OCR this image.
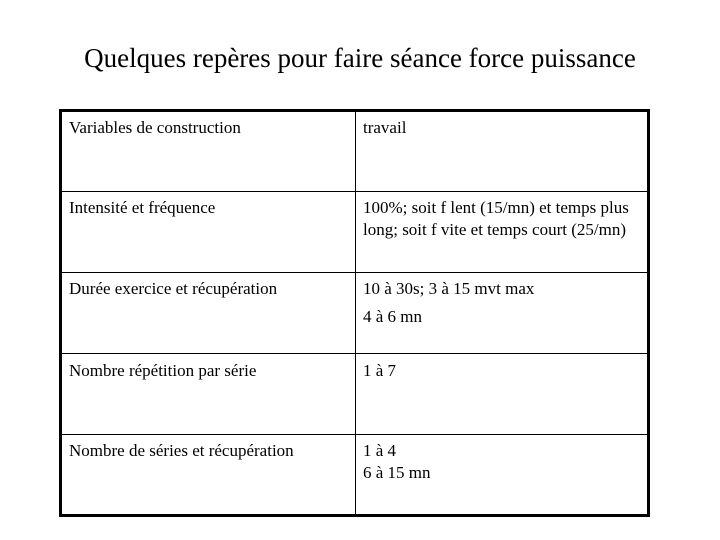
Quelques repères pour faire séance force puissance
Variables de construction	travail

Intensité et fréquence	100%; soit f lent (15/mn) et temps plus long; soit f vite et temps court (25/mn)

Durée exercice et récupération	10 à 30s; 3 à 15 mvt max
4 à 6 mn

Nombre répétition par série	1 à 7

Nombre de séries et récupération	1 à 4
6 à 15 mn
